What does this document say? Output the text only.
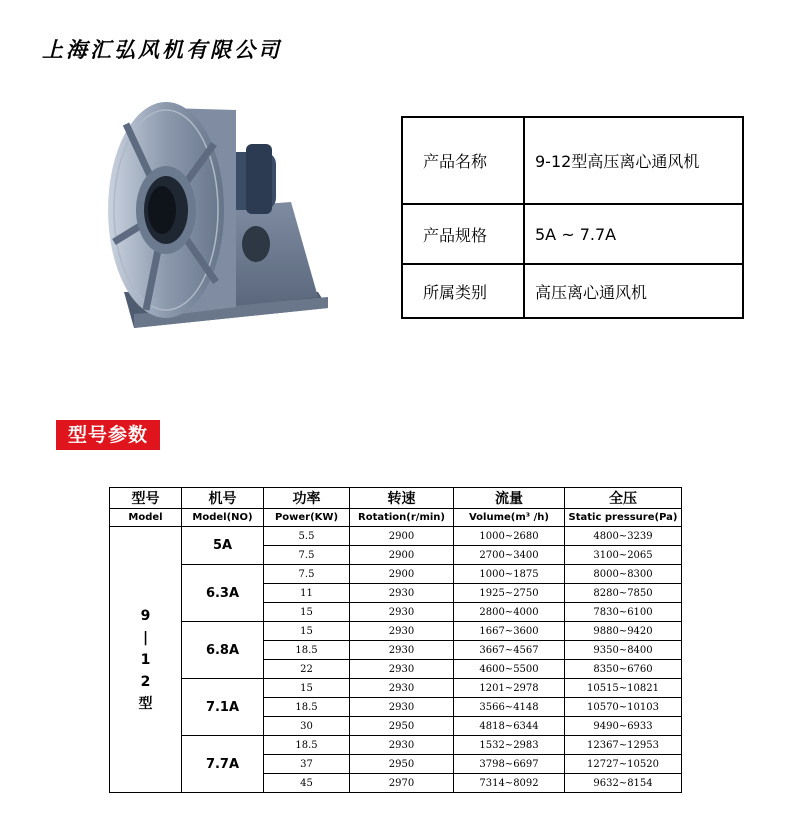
上海汇弘风机有限公司
产品名称	9-12型高压离心通风机
产品规格	5A ~ 7.7A
所属类别	高压离心通风机
型号参数
型号	机号	功率	转速	流量	全压
Model	Model(NO)	Power(KW)	Rotation(r/min)	Volume(m³ /h)	Static pressure(Pa)

9
|
1
2
型	5A	5.5	2900	1000~2680	4800~3239
		7.5	2900	2700~3400	3100~2065
	6.3A	7.5	2900	1000~1875	8000~8300
		11	2930	1925~2750	8280~7850
		15	2930	2800~4000	7830~6100
	6.8A	15	2930	1667~3600	9880~9420
		18.5	2930	3667~4567	9350~8400
		22	2930	4600~5500	8350~6760
	7.1A	15	2930	1201~2978	10515~10821
		18.5	2930	3566~4148	10570~10103
		30	2950	4818~6344	9490~6933
	7.7A	18.5	2930	1532~2983	12367~12953
		37	2950	3798~6697	12727~10520
		45	2970	7314~8092	9632~8154
